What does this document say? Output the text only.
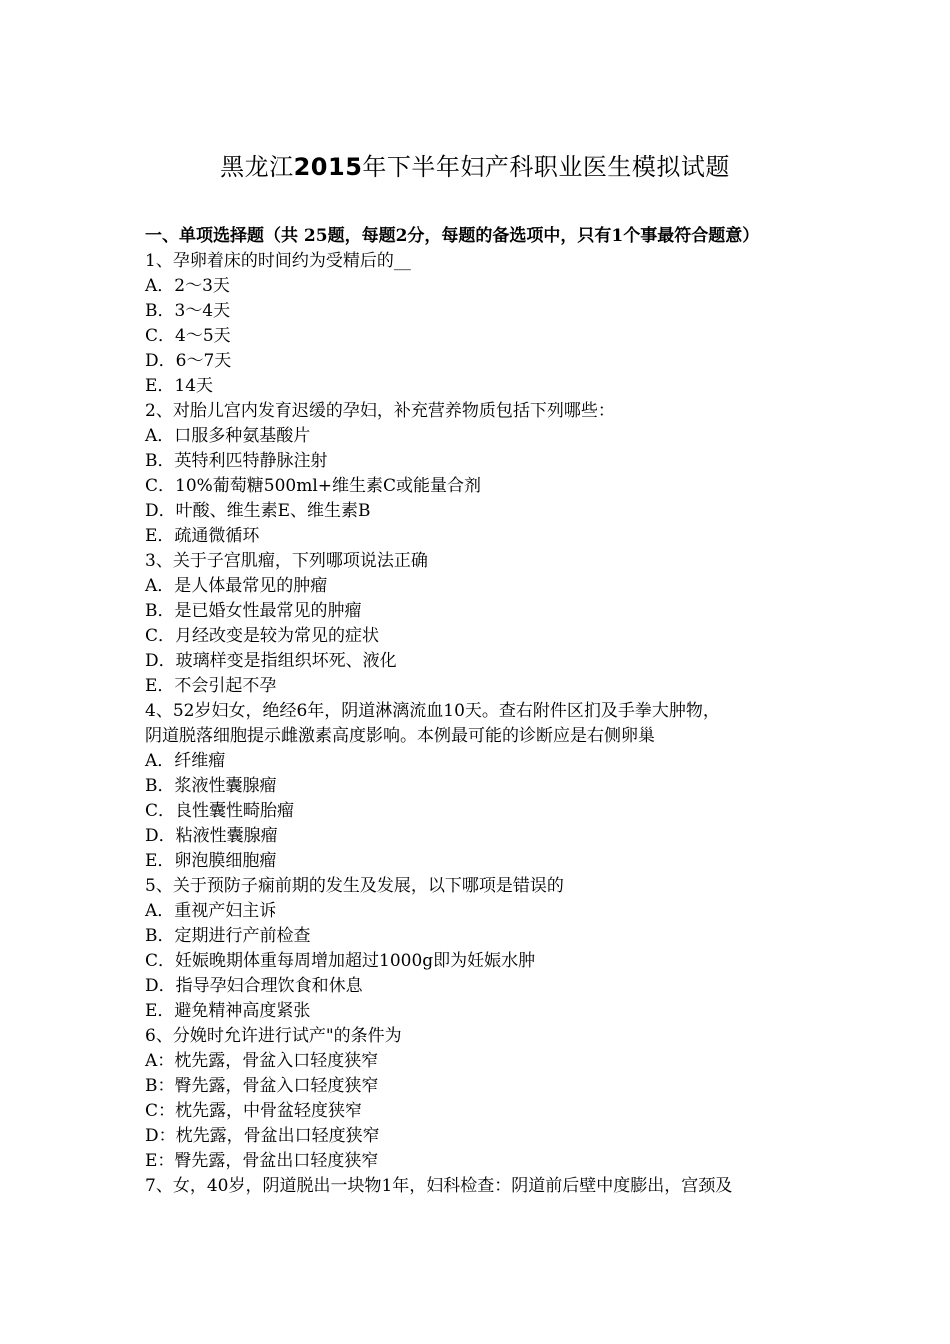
黑龙江2015年下半年妇产科职业医生模拟试题

一、单项选择题（共 25题，每题2分，每题的备选项中，只有1个事最符合题意）

1、孕卵着床的时间约为受精后的__

A．2～3天

B．3～4天

C．4～5天

D．6～7天

E．14天

2、对胎儿宫内发育迟缓的孕妇，补充营养物质包括下列哪些：

A．口服多种氨基酸片

B．英特利匹特静脉注射

C．10%葡萄糖500ml+维生素C或能量合剂

D．叶酸、维生素E、维生素B

E．疏通微循环

3、关于子宫肌瘤，下列哪项说法正确

A．是人体最常见的肿瘤

B．是已婚女性最常见的肿瘤

C．月经改变是较为常见的症状

D．玻璃样变是指组织坏死、液化

E．不会引起不孕

4、52岁妇女，绝经6年，阴道淋漓流血10天。查右附件区扪及手拳大肿物，

阴道脱落细胞提示雌激素高度影响。本例最可能的诊断应是右侧卵巢

A．纤维瘤

B．浆液性囊腺瘤

C．良性囊性畸胎瘤

D．粘液性囊腺瘤

E．卵泡膜细胞瘤

5、关于预防子痫前期的发生及发展，以下哪项是错误的

A．重视产妇主诉

B．定期进行产前检查

C．妊娠晚期体重每周增加超过1000g即为妊娠水肿

D．指导孕妇合理饮食和休息

E．避免精神高度紧张

6、分娩时允许进行试产"的条件为

A：枕先露，骨盆入口轻度狭窄

B：臀先露，骨盆入口轻度狭窄

C：枕先露，中骨盆轻度狭窄

D：枕先露，骨盆出口轻度狭窄

E：臀先露，骨盆出口轻度狭窄

7、女，40岁，阴道脱出一块物1年，妇科检查：阴道前后壁中度膨出，宫颈及
